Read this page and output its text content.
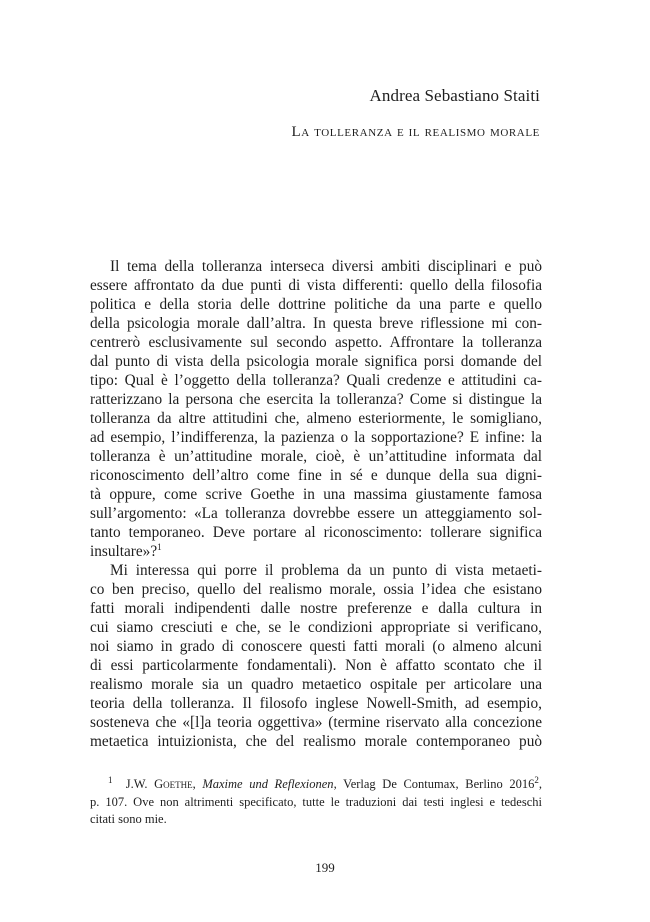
Andrea Sebastiano Staiti
La tolleranza e il realismo morale
Il tema della tolleranza interseca diversi ambiti disciplinari e può
essere affrontato da due punti di vista differenti: quello della filosofia
politica e della storia delle dottrine politiche da una parte e quello
della psicologia morale dall’altra. In questa breve riflessione mi con-
centrerò esclusivamente sul secondo aspetto. Affrontare la tolleranza
dal punto di vista della psicologia morale significa porsi domande del
tipo: Qual è l’oggetto della tolleranza? Quali credenze e attitudini ca-
ratterizzano la persona che esercita la tolleranza? Come si distingue la
tolleranza da altre attitudini che, almeno esteriormente, le somigliano,
ad esempio, l’indifferenza, la pazienza o la sopportazione? E infine: la
tolleranza è un’attitudine morale, cioè, è un’attitudine informata dal
riconoscimento dell’altro come fine in sé e dunque della sua digni-
tà oppure, come scrive Goethe in una massima giustamente famosa
sull’argomento: «La tolleranza dovrebbe essere un atteggiamento sol-
tanto temporaneo. Deve portare al riconoscimento: tollerare significa
insultare»?$^1$
Mi interessa qui porre il problema da un punto di vista metaeti-
co ben preciso, quello del realismo morale, ossia l’idea che esistano
fatti morali indipendenti dalle nostre preferenze e dalla cultura in
cui siamo cresciuti e che, se le condizioni appropriate si verificano,
noi siamo in grado di conoscere questi fatti morali (o almeno alcuni
di essi particolarmente fondamentali). Non è affatto scontato che il
realismo morale sia un quadro metaetico ospitale per articolare una
teoria della tolleranza. Il filosofo inglese Nowell-Smith, ad esempio,
sosteneva che «[l]a teoria oggettiva» (termine riservato alla concezione
metaetica intuizionista, che del realismo morale contemporaneo può
$^1$ J.W. Goethe, Maxime und Reflexionen, Verlag De Contumax, Berlino 2016$^2$,
p. 107. Ove non altrimenti specificato, tutte le traduzioni dai testi inglesi e tedeschi
citati sono mie.
199
